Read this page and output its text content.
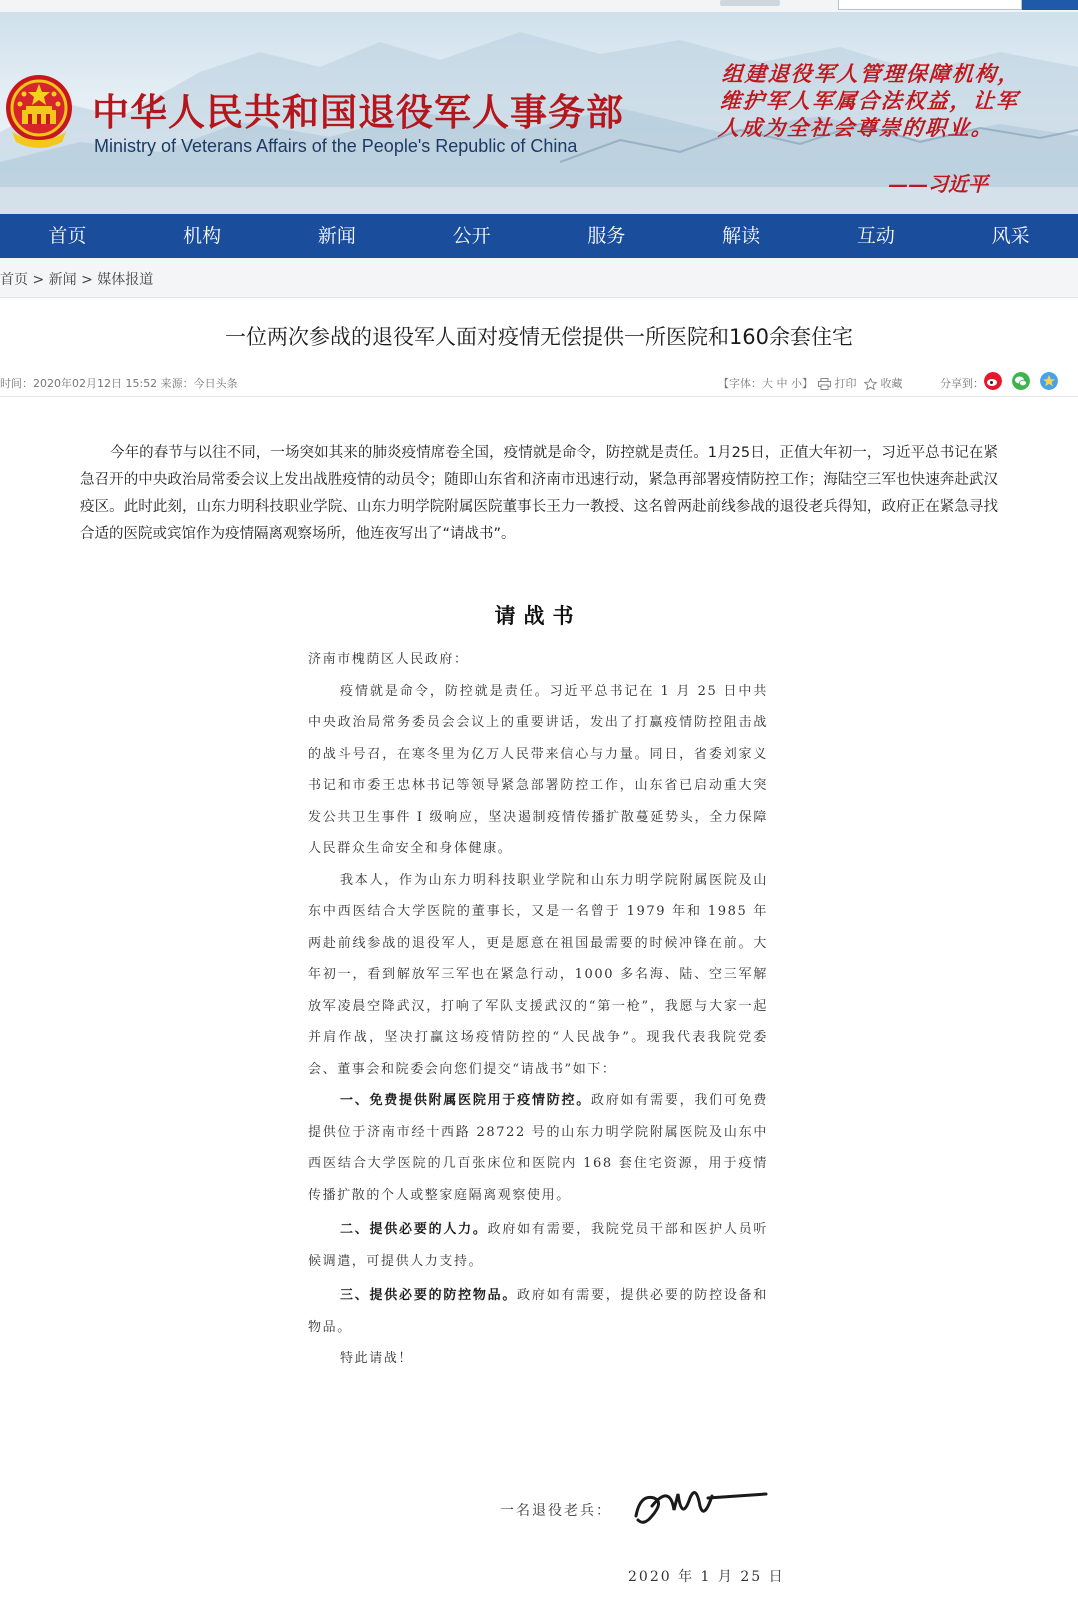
中华人民共和国退役军人事务部
Ministry of Veterans Affairs of the People's Republic of China
组建退役军人管理保障机构，维护军人军属合法权益，让军人成为全社会尊崇的职业。
——习近平
首页	机构	新闻	公开	服务	解读	互动	风采
首页 > 新闻 > 媒体报道
一位两次参战的退役军人面对疫情无偿提供一所医院和160余套住宅
时间：2020年02月12日 15:52 来源：今日头条	【字体：大 中 小】	打印	收藏	分享到：

今年的春节与以往不同，一场突如其来的肺炎疫情席卷全国，疫情就是命令，防控就是责任。1月25日，正值大年初一，习近平总书记在紧急召开的中央政治局常委会议上发出战胜疫情的动员令；随即山东省和济南市迅速行动，紧急再部署疫情防控工作；海陆空三军也快速奔赴武汉疫区。此时此刻，山东力明科技职业学院、山东力明学院附属医院董事长王力一教授、这名曾两赴前线参战的退役老兵得知，政府正在紧急寻找合适的医院或宾馆作为疫情隔离观察场所，他连夜写出了“请战书”。

请战书

济南市槐荫区人民政府：

疫情就是命令，防控就是责任。习近平总书记在 1 月 25 日中共中央政治局常务委员会会议上的重要讲话，发出了打赢疫情防控阻击战的战斗号召，在寒冬里为亿万人民带来信心与力量。同日，省委刘家义书记和市委王忠林书记等领导紧急部署防控工作，山东省已启动重大突发公共卫生事件 I 级响应，坚决遏制疫情传播扩散蔓延势头，全力保障人民群众生命安全和身体健康。

我本人，作为山东力明科技职业学院和山东力明学院附属医院及山东中西医结合大学医院的董事长，又是一名曾于 1979 年和 1985 年两赴前线参战的退役军人，更是愿意在祖国最需要的时候冲锋在前。大年初一，看到解放军三军也在紧急行动，1000 多名海、陆、空三军解放军凌晨空降武汉，打响了军队支援武汉的“第一枪”，我愿与大家一起并肩作战，坚决打赢这场疫情防控的“人民战争”。现我代表我院党委会、董事会和院委会向您们提交“请战书”如下：

一、免费提供附属医院用于疫情防控。政府如有需要，我们可免费提供位于济南市经十西路 28722 号的山东力明学院附属医院及山东中西医结合大学医院的几百张床位和医院内 168 套住宅资源，用于疫情传播扩散的个人或整家庭隔离观察使用。

二、提供必要的人力。政府如有需要，我院党员干部和医护人员听候调遣，可提供人力支持。

三、提供必要的防控物品。政府如有需要，提供必要的防控设备和物品。

特此请战！

一名退役老兵：
2020 年 1 月 25 日
